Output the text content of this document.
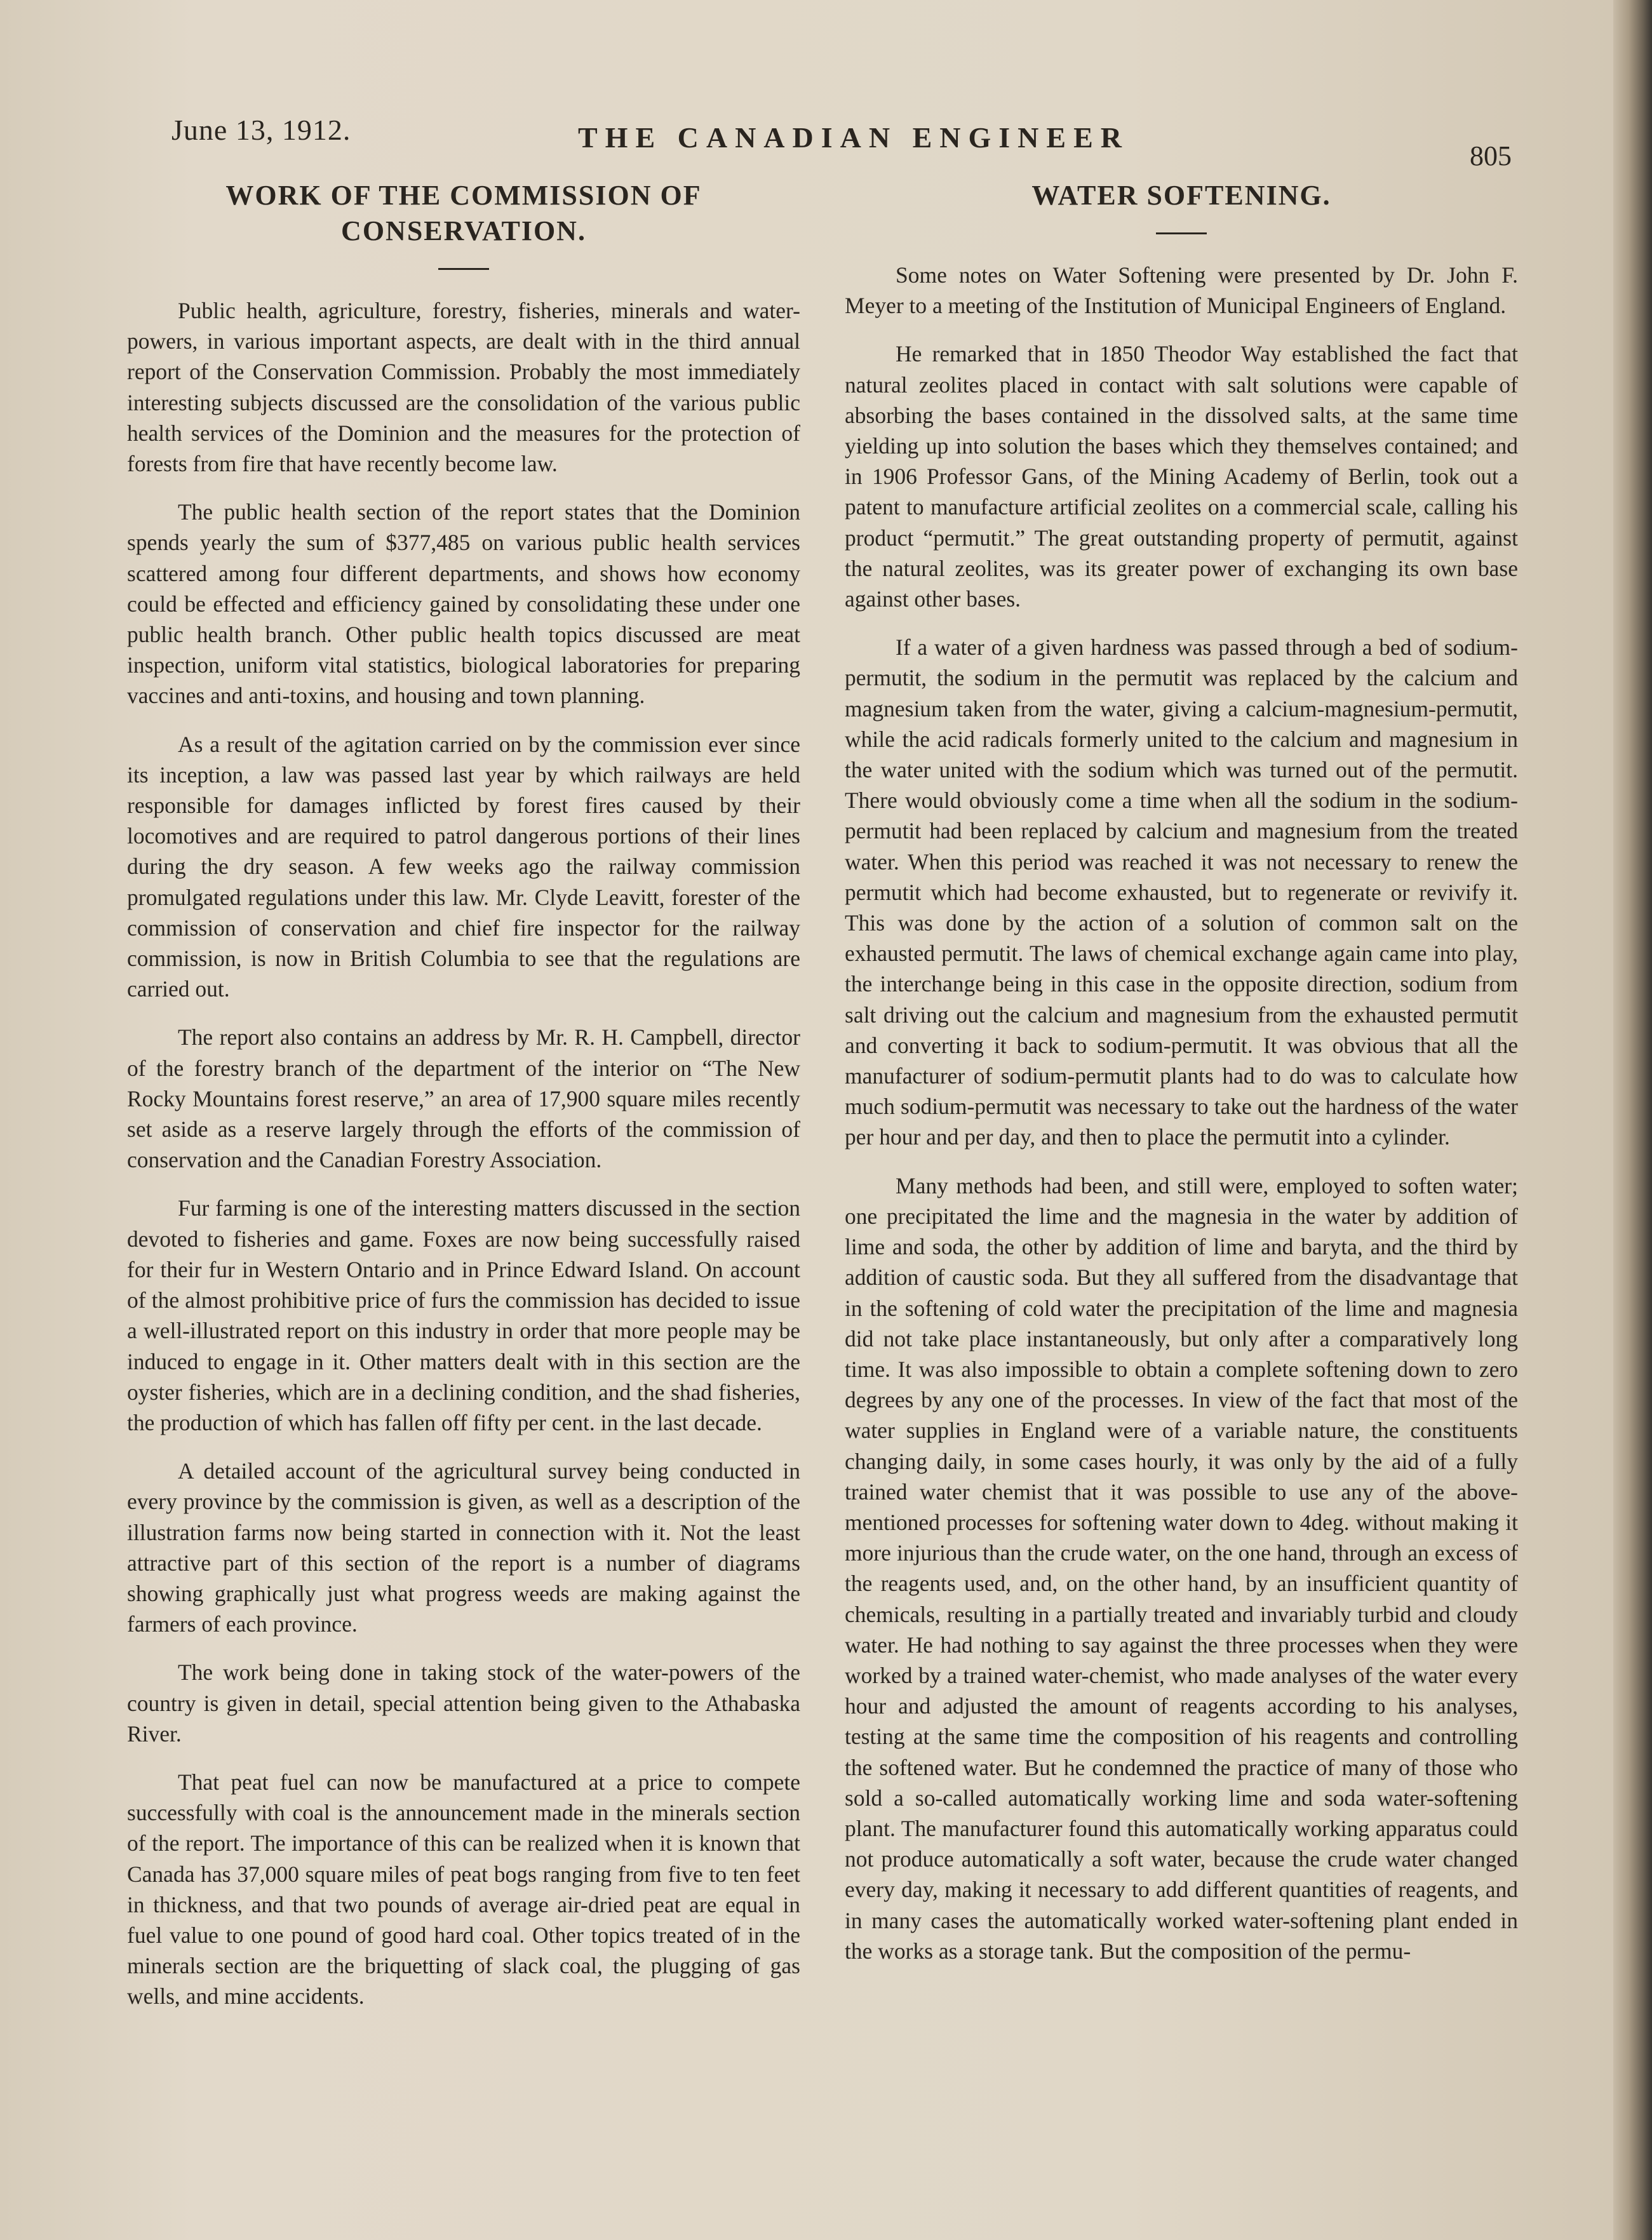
June 13, 1912.	THE CANADIAN ENGINEER
805
WORK OF THE COMMISSION OF CONSERVATION.

Public health, agriculture, forestry, fisheries, minerals and water-powers, in various important aspects, are dealt with in the third annual report of the Conservation Commission. Probably the most immediately interesting subjects discussed are the consolidation of the various public health services of the Dominion and the measures for the protection of forests from fire that have recently become law.

The public health section of the report states that the Dominion spends yearly the sum of $377,485 on various public health services scattered among four different departments, and shows how economy could be effected and efficiency gained by consolidating these under one public health branch. Other public health topics discussed are meat inspection, uniform vital statistics, biological laboratories for preparing vaccines and anti-toxins, and housing and town planning.

As a result of the agitation carried on by the commission ever since its inception, a law was passed last year by which railways are held responsible for damages inflicted by forest fires caused by their locomotives and are required to patrol dangerous portions of their lines during the dry season. A few weeks ago the railway commission promulgated regulations under this law. Mr. Clyde Leavitt, forester of the commission of conservation and chief fire inspector for the railway commission, is now in British Columbia to see that the regulations are carried out.

The report also contains an address by Mr. R. H. Campbell, director of the forestry branch of the department of the interior on “The New Rocky Mountains forest reserve,” an area of 17,900 square miles recently set aside as a reserve largely through the efforts of the commission of conservation and the Canadian Forestry Association.

Fur farming is one of the interesting matters discussed in the section devoted to fisheries and game. Foxes are now being successfully raised for their fur in Western Ontario and in Prince Edward Island. On account of the almost prohibitive price of furs the commission has decided to issue a well-illustrated report on this industry in order that more people may be induced to engage in it. Other matters dealt with in this section are the oyster fisheries, which are in a declining condition, and the shad fisheries, the production of which has fallen off fifty per cent. in the last decade.

A detailed account of the agricultural survey being conducted in every province by the commission is given, as well as a description of the illustration farms now being started in connection with it. Not the least attractive part of this section of the report is a number of diagrams showing graphically just what progress weeds are making against the farmers of each province.

The work being done in taking stock of the water-powers of the country is given in detail, special attention being given to the Athabaska River.

That peat fuel can now be manufactured at a price to compete successfully with coal is the announcement made in the minerals section of the report. The importance of this can be realized when it is known that Canada has 37,000 square miles of peat bogs ranging from five to ten feet in thickness, and that two pounds of average air-dried peat are equal in fuel value to one pound of good hard coal. Other topics treated of in the minerals section are the briquetting of slack coal, the plugging of gas wells, and mine accidents.

WATER SOFTENING.

Some notes on Water Softening were presented by Dr. John F. Meyer to a meeting of the Institution of Municipal Engineers of England.

He remarked that in 1850 Theodor Way established the fact that natural zeolites placed in contact with salt solutions were capable of absorbing the bases contained in the dissolved salts, at the same time yielding up into solution the bases which they themselves contained; and in 1906 Professor Gans, of the Mining Academy of Berlin, took out a patent to manufacture artificial zeolites on a commercial scale, calling his product “permutit.” The great outstanding property of permutit, against the natural zeolites, was its greater power of exchanging its own base against other bases.

If a water of a given hardness was passed through a bed of sodium-permutit, the sodium in the permutit was replaced by the calcium and magnesium taken from the water, giving a calcium-magnesium-permutit, while the acid radicals formerly united to the calcium and magnesium in the water united with the sodium which was turned out of the permutit. There would obviously come a time when all the sodium in the sodium-permutit had been replaced by calcium and magnesium from the treated water. When this period was reached it was not necessary to renew the permutit which had become exhausted, but to regenerate or revivify it. This was done by the action of a solution of common salt on the exhausted permutit. The laws of chemical exchange again came into play, the interchange being in this case in the opposite direction, sodium from salt driving out the calcium and magnesium from the exhausted permutit and converting it back to sodium-permutit. It was obvious that all the manufacturer of sodium-permutit plants had to do was to calculate how much sodium-permutit was necessary to take out the hardness of the water per hour and per day, and then to place the permutit into a cylinder.

Many methods had been, and still were, employed to soften water; one precipitated the lime and the magnesia in the water by addition of lime and soda, the other by addition of lime and baryta, and the third by addition of caustic soda. But they all suffered from the disadvantage that in the softening of cold water the precipitation of the lime and magnesia did not take place instantaneously, but only after a comparatively long time. It was also impossible to obtain a complete softening down to zero degrees by any one of the processes. In view of the fact that most of the water supplies in England were of a variable nature, the constituents changing daily, in some cases hourly, it was only by the aid of a fully trained water chemist that it was possible to use any of the above-mentioned processes for softening water down to 4deg. without making it more injurious than the crude water, on the one hand, through an excess of the reagents used, and, on the other hand, by an insufficient quantity of chemicals, resulting in a partially treated and invariably turbid and cloudy water. He had nothing to say against the three processes when they were worked by a trained water-chemist, who made analyses of the water every hour and adjusted the amount of reagents according to his analyses, testing at the same time the composition of his reagents and controlling the softened water. But he condemned the practice of many of those who sold a so-called automatically working lime and soda water-softening plant. The manufacturer found this automatically working apparatus could not produce automatically a soft water, because the crude water changed every day, making it necessary to add different quantities of reagents, and in many cases the automatically worked water-softening plant ended in the works as a storage tank. But the composition of the permu-
